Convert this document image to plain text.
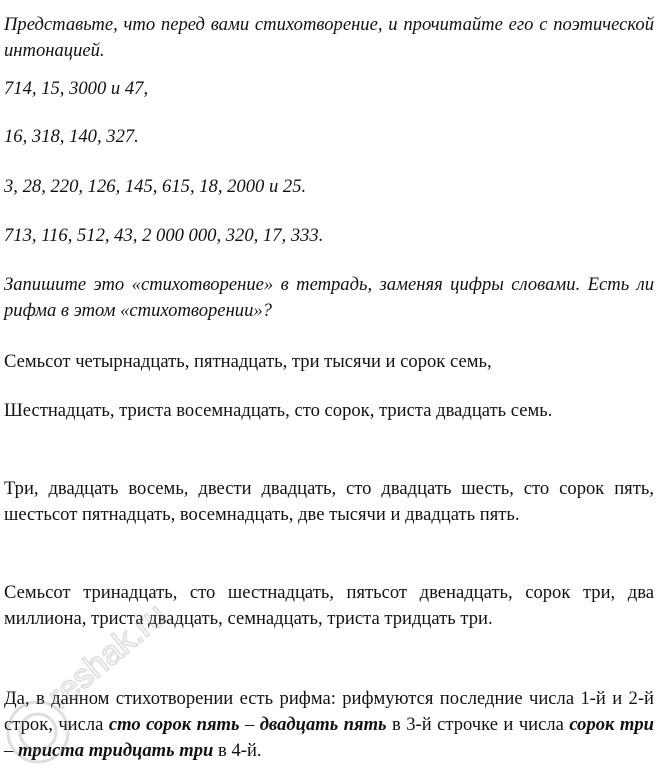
Представьте, что перед вами стихотворение, и прочитайте его с поэтической интонацией.

714, 15, 3000 и 47,

16, 318, 140, 327.

3, 28, 220, 126, 145, 615, 18, 2000 и 25.

713, 116, 512, 43, 2 000 000, 320, 17, 333.

Запишите это «стихотворение» в тетрадь, заменяя цифры словами. Есть ли рифма в этом «стихотворении»?

Семьсот четырнадцать, пятнадцать, три тысячи и сорок семь,

Шестнадцать, триста восемнадцать, сто сорок, триста двадцать семь.

Три, двадцать восемь, двести двадцать, сто двадцать шесть, сто сорок пять, шестьсот пятнадцать, восемнадцать, две тысячи и двадцать пять.

Семьсот тринадцать, сто шестнадцать, пятьсот двенадцать, сорок три, два миллиона, триста двадцать, семнадцать, триста тридцать три.

Да, в данном стихотворении есть рифма: рифмуются последние числа 1-й и 2-й строк, числа сто сорок пять – двадцать пять в 3-й строчке и числа сорок три – триста тридцать три в 4-й.

reshak.ru
